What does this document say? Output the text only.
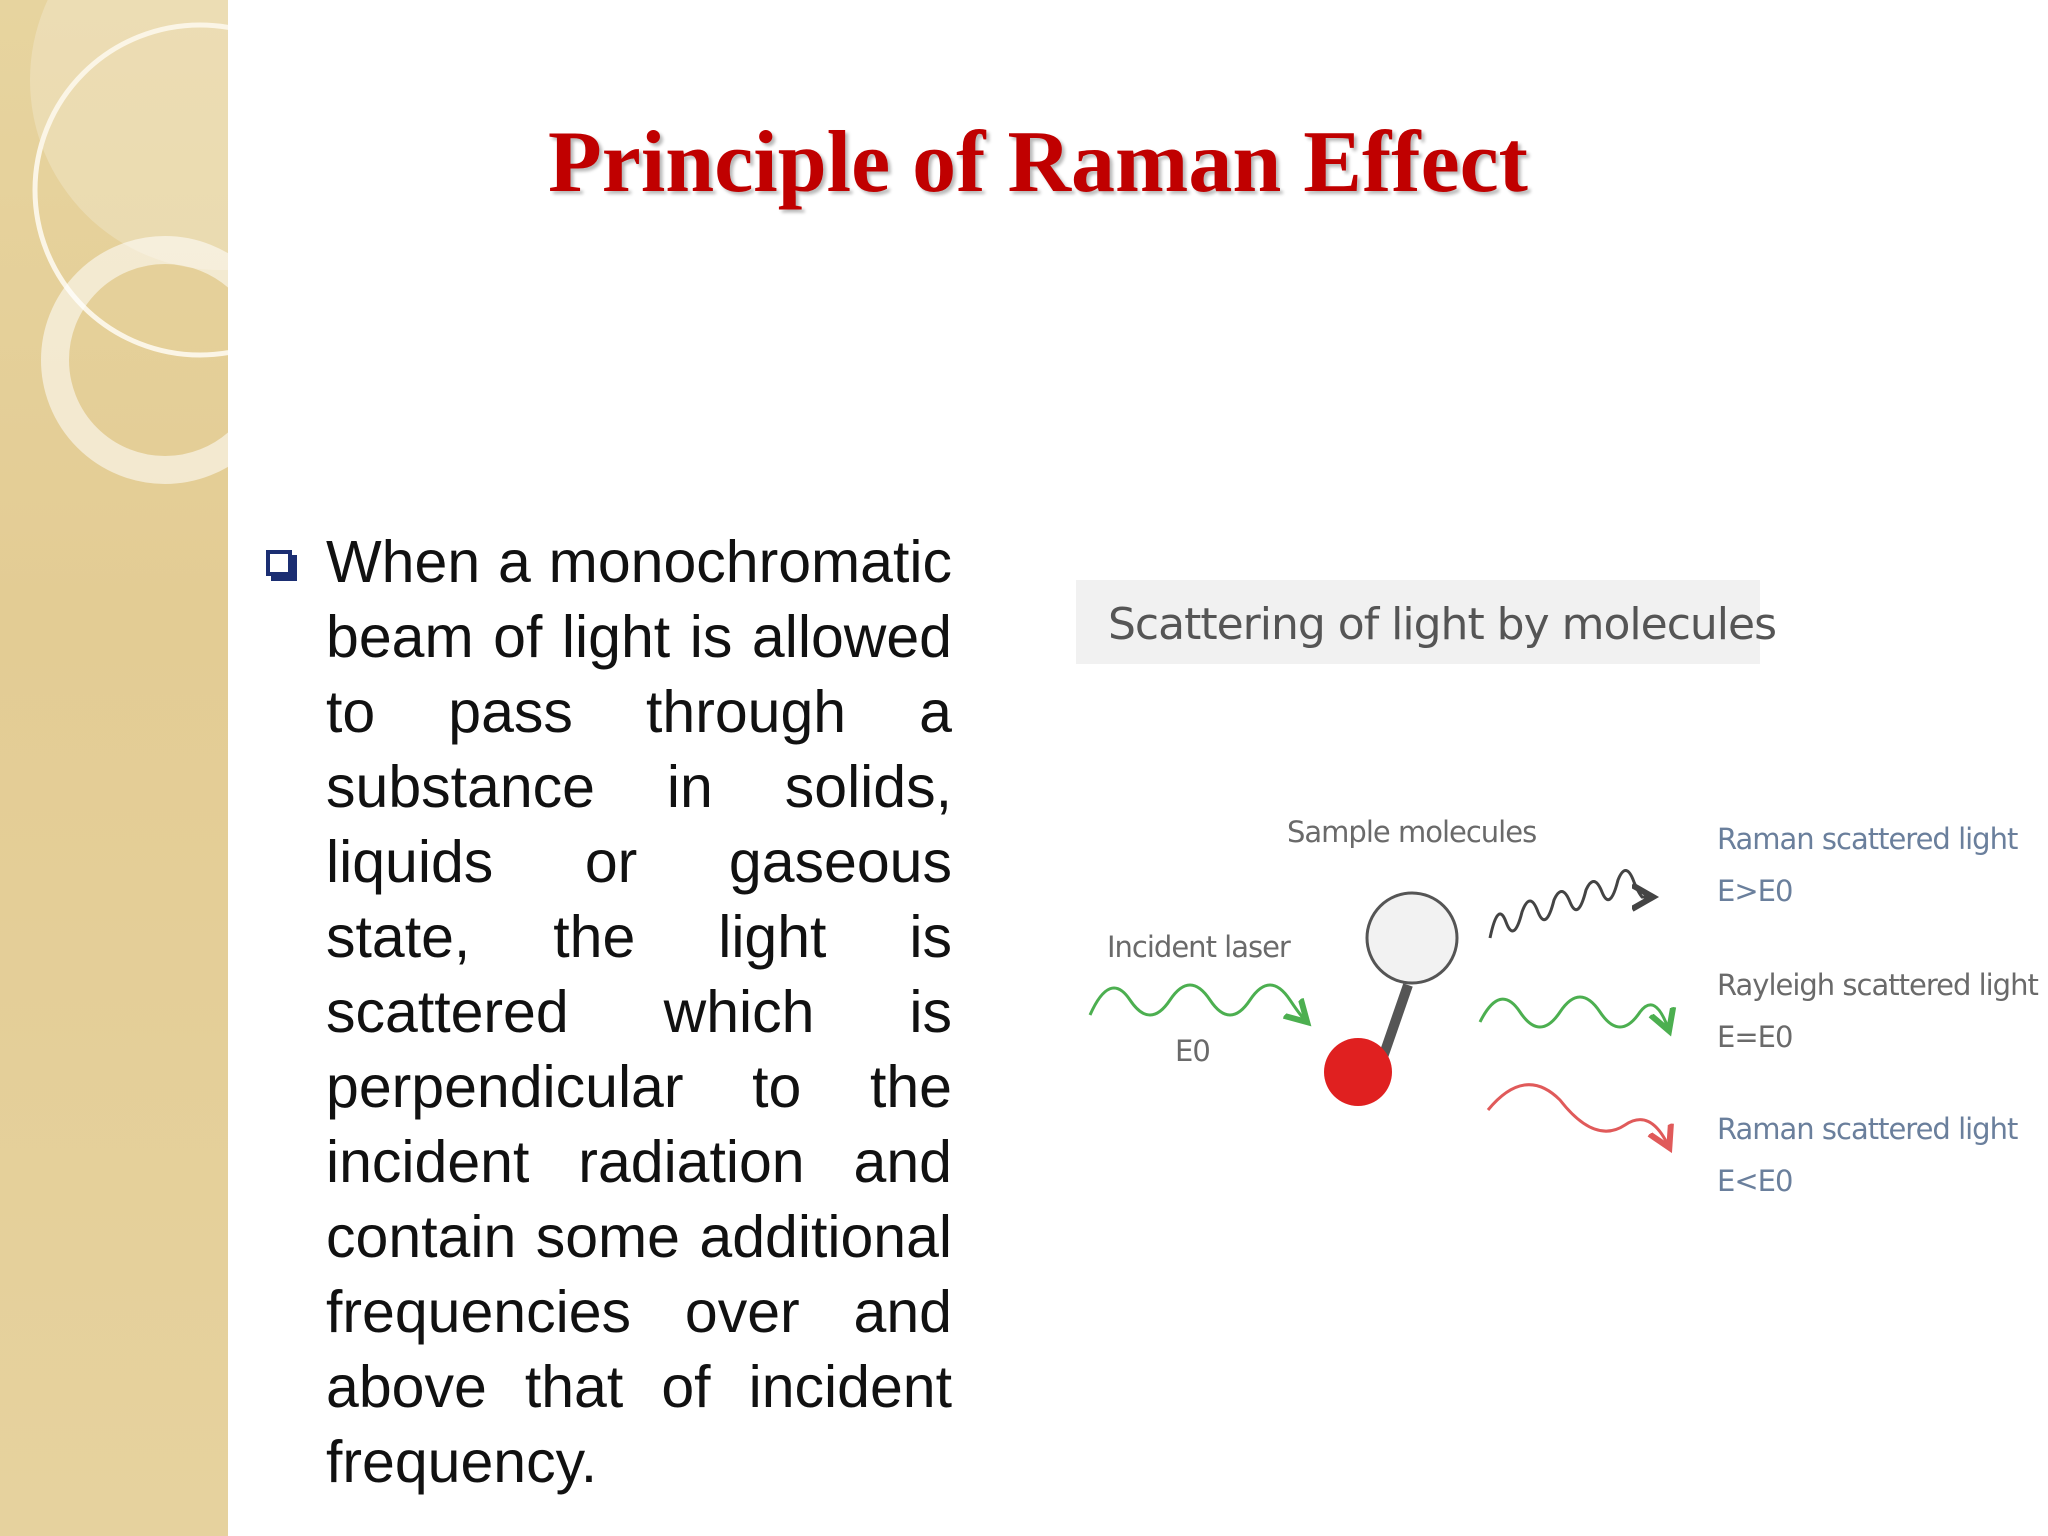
Principle of Raman Effect

When a monochromatic beam of light is allowed to pass through a substance in solids, liquids or gaseous state, the light is scattered which is perpendicular to the incident radiation and contain some additional frequencies over and above that of incident frequency.

Scattering of light by molecules

Sample molecules

Incident laser

E0

Raman scattered light

E>E0

Rayleigh scattered light

E=E0

Raman scattered light

E<E0
